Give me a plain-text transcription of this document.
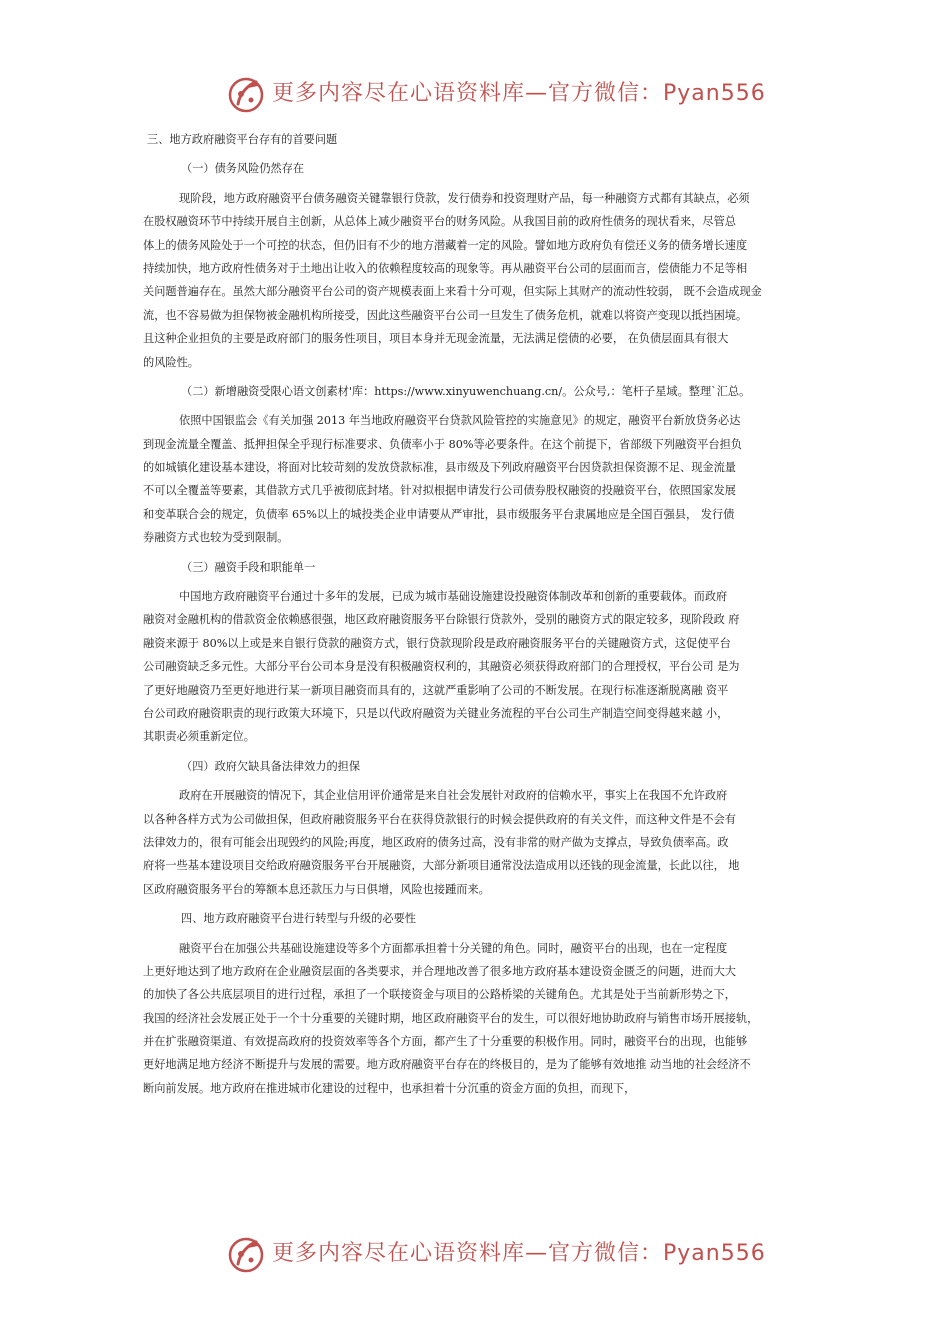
更多内容尽在心语资料库—官方微信：Pyan556
三、地方政府融资平台存有的首要问题
（一）债务风险仍然存在
现阶段，地方政府融资平台债务融资关键靠银行贷款，发行债券和投资理财产品，每一种融资方式都有其缺点，必须
在股权融资环节中持续开展自主创新，从总体上减少融资平台的财务风险。从我国目前的政府性债务的现状看来，尽管总
体上的债务风险处于一个可控的状态，但仍旧有不少的地方潜藏着一定的风险。譬如地方政府负有偿还义务的债务增长速度
持续加快，地方政府性债务对于土地出让收入的依赖程度较高的现象等。再从融资平台公司的层面而言，偿债能力不足等相
关问题普遍存在。虽然大部分融资平台公司的资产规模表面上来看十分可观，但实际上其财产的流动性较弱， 既不会造成现金
流，也不容易做为担保物被金融机构所接受，因此这些融资平台公司一旦发生了债务危机，就难以将资产变现以抵挡困境。
且这种企业担负的主要是政府部门的服务性项目，项目本身并无现金流量，无法满足偿债的必要， 在负债层面具有很大
的风险性。
（二）新增融资受限心语文创素材'库：https://www.xinyuwenchuang.cn/。公众号,：笔杆子星域。整理`汇总。
依照中国银监会《有关加强 2013 年当地政府融资平台贷款风险管控的实施意见》的规定，融资平台新放贷务必达
到现金流量全覆盖、抵押担保全乎现行标准要求、负债率小于 80%等必要条件。在这个前提下，省部级下列融资平台担负
的如城镇化建设基本建设，将面对比较苛刻的发放贷款标准，县市级及下列政府融资平台因贷款担保资源不足、现金流量
不可以全覆盖等要素，其借款方式几乎被彻底封堵。针对拟根据申请发行公司债券股权融资的投融资平台，依照国家发展
和变革联合会的规定，负债率 65%以上的城投类企业申请要从严审批，县市级服务平台隶属地应是全国百强县， 发行债
券融资方式也较为受到限制。
（三）融资手段和职能单一
中国地方政府融资平台通过十多年的发展，已成为城市基础设施建设投融资体制改革和创新的重要载体。而政府
融资对金融机构的借款资金依赖感很强，地区政府融资服务平台除银行贷款外，受别的融资方式的限定较多，现阶段政 府
融资来源于 80%以上或是来自银行贷款的融资方式，银行贷款现阶段是政府融资服务平台的关键融资方式，这促使平台
公司融资缺乏多元性。大部分平台公司本身是没有积极融资权利的，其融资必须获得政府部门的合理授权，平台公司 是为
了更好地融资乃至更好地进行某一新项目融资而具有的，这就严重影响了公司的不断发展。在现行标准逐渐脱离融 资平
台公司政府融资职责的现行政策大环境下，只是以代政府融资为关键业务流程的平台公司生产制造空间变得越来越 小，
其职责必须重新定位。
（四）政府欠缺具备法律效力的担保
政府在开展融资的情况下，其企业信用评价通常是来自社会发展针对政府的信赖水平，事实上在我国不允许政府
以各种各样方式为公司做担保，但政府融资服务平台在获得贷款银行的时候会提供政府的有关文件，而这种文件是不会有
法律效力的，很有可能会出现毁约的风险;再度，地区政府的债务过高，没有非常的财产做为支撑点，导致负债率高。政
府将一些基本建设项目交给政府融资服务平台开展融资，大部分新项目通常没法造成用以还钱的现金流量，长此以往， 地
区政府融资服务平台的筹额本息还款压力与日俱增，风险也接踵而来。
四、地方政府融资平台进行转型与升级的必要性
融资平台在加强公共基础设施建设等多个方面都承担着十分关键的角色。同时，融资平台的出现，也在一定程度
上更好地达到了地方政府在企业融资层面的各类要求，并合理地改善了很多地方政府基本建设资金匮乏的问题，进而大大
的加快了各公共底层项目的进行过程，承担了一个联接资金与项目的公路桥梁的关键角色。尤其是处于当前新形势之下，
我国的经济社会发展正处于一个十分重要的关键时期，地区政府融资平台的发生，可以很好地协助政府与销售市场开展接轨，
并在扩张融资渠道、有效提高政府的投资效率等各个方面，都产生了十分重要的积极作用。同时，融资平台的出现，也能够
更好地满足地方经济不断提升与发展的需要。地方政府融资平台存在的终极目的，是为了能够有效地推 动当地的社会经济不
断向前发展。地方政府在推进城市化建设的过程中，也承担着十分沉重的资金方面的负担，而现下，
更多内容尽在心语资料库—官方微信：Pyan556
